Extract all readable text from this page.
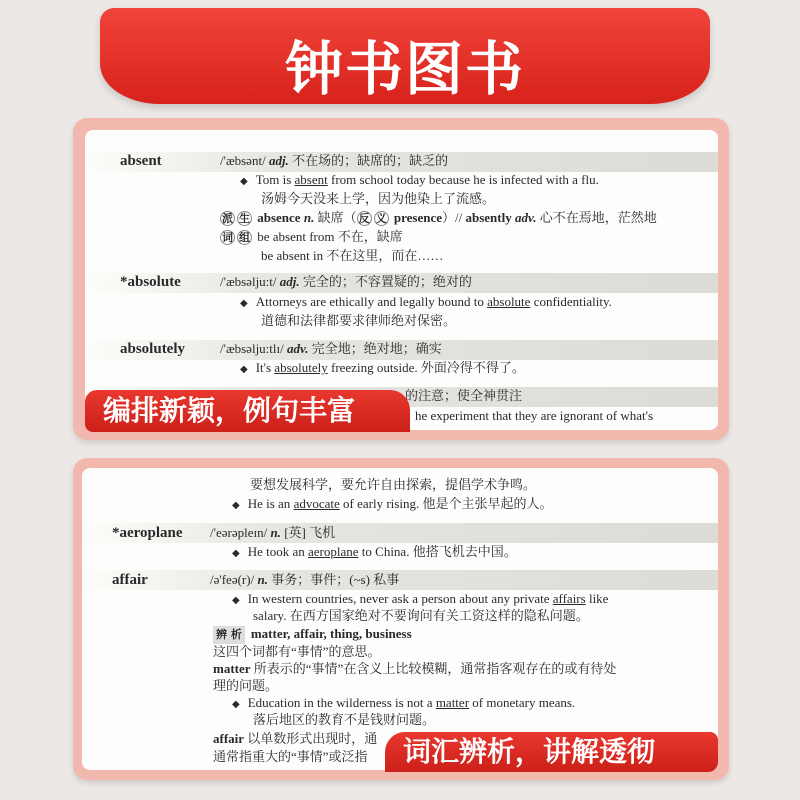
钟书图书
absent	/'æbsənt/ adj. 不在场的；缺席的；缺乏的
◆ Tom is absent from school today because he is infected with a flu.
汤姆今天没来上学，因为他染上了流感。
派 生 absence n. 缺席（ 反 义 presence）// absently adv. 心不在焉地，茫然地
词 组 be absent from 不在，缺席
be absent in 不在这里，而在……
*absolute	/'æbsəlju:t/ adj. 完全的；不容置疑的；绝对的
◆ Attorneys are ethically and legally bound to absolute confidentiality.
道德和法律都要求律师绝对保密。
absolutely	/'æbsəlju:tlɪ/ adv. 完全地；绝对地；确实
◆ It's absolutely freezing outside. 外面冷得不得了。
的注意；使全神贯注
he experiment that they are ignorant of what's
编排新颖，例句丰富
要想发展科学，要允许自由探索，提倡学术争鸣。
◆ He is an advocate of early rising. 他是个主张早起的人。
*aeroplane /'eərəpleɪn/ n. [英] 飞机
◆ He took an aeroplane to China. 他搭飞机去中国。
affair	/ə'feə(r)/ n. 事务；事件；(~s) 私事
◆ In western countries, never ask a person about any private affairs like
salary. 在西方国家绝对不要询问有关工资这样的隐私问题。
辨 析 matter, affair, thing, business
这四个词都有“事情”的意思。
matter 所表示的“事情”在含义上比较模糊，通常指客观存在的或有待处
理的问题。
◆ Education in the wilderness is not a matter of monetary means.
落后地区的教育不是钱财问题。
affair 以单数形式出现时，通
通常指重大的“事情”或泛指	词汇辨析，讲解透彻
